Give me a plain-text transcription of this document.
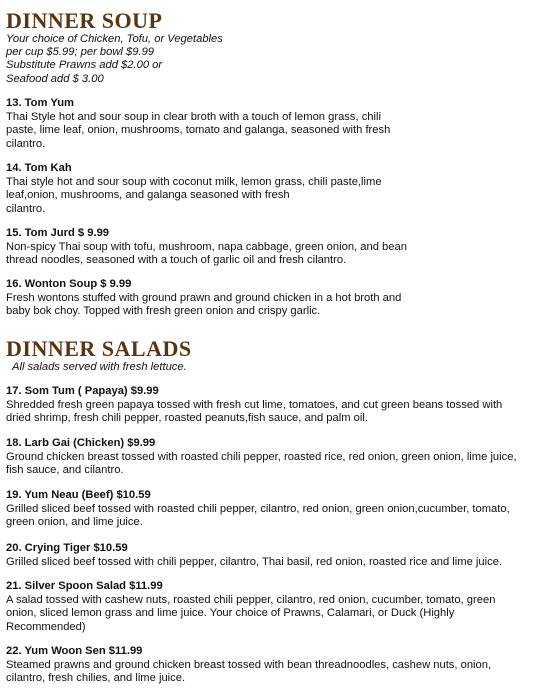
DINNER SOUP

Your choice of Chicken, Tofu, or Vegetables

per cup $5.99; per bowl $9.99

Substitute Prawns add $2.00 or

Seafood add $ 3.00

13. Tom Yum

Thai Style hot and sour soup in clear broth with a touch of lemon grass, chili
paste, lime leaf, onion, mushrooms, tomato and galanga, seasoned with fresh
cilantro.

14. Tom Kah

Thai style hot and sour soup with coconut milk, lemon grass, chili paste,lime
leaf,onion, mushrooms, and galanga seasoned with fresh
cilantro.

15. Tom Jurd $ 9.99

Non-spicy Thai soup with tofu, mushroom, napa cabbage, green onion, and bean
thread noodles, seasoned with a touch of garlic oil and fresh cilantro.

16. Wonton Soup $ 9.99

Fresh wontons stuffed with ground prawn and ground chicken in a hot broth and
baby bok choy. Topped with fresh green onion and crispy garlic.

DINNER SALADS

All salads served with fresh lettuce.

17. Som Tum ( Papaya) $9.99

Shredded fresh green papaya tossed with fresh cut lime, tomatoes, and cut green beans tossed with
dried shrimp, fresh chili pepper, roasted peanuts,fish sauce, and palm oil.

18. Larb Gai (Chicken) $9.99

Ground chicken breast tossed with roasted chili pepper, roasted rice, red onion, green onion, lime juice,
fish sauce, and cilantro.

19. Yum Neau (Beef) $10.59

Grilled sliced beef tossed with roasted chili pepper, cilantro, red onion, green onion,cucumber, tomato,
green onion, and lime juice.

20. Crying Tiger $10.59

Grilled sliced beef tossed with chili pepper, cilantro, Thai basil, red onion, roasted rice and lime juice.

21. Silver Spoon Salad $11.99

A salad tossed with cashew nuts, roasted chili pepper, cilantro, red onion, cucumber, tomato, green
onion, sliced lemon grass and lime juice. Your choice of Prawns, Calamari, or Duck (Highly
Recommended)

22. Yum Woon Sen $11.99

Steamed prawns and ground chicken breast tossed with bean threadnoodles, cashew nuts, onion,
cilantro, fresh chilies, and lime juice.
